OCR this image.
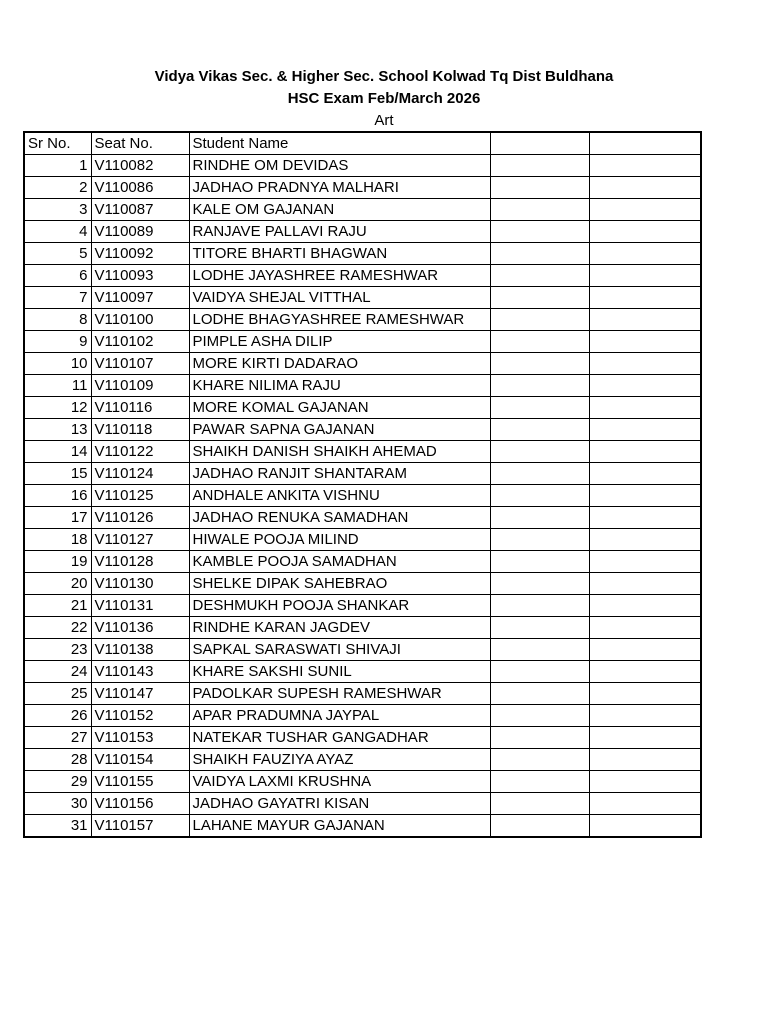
Vidya Vikas Sec. & Higher Sec. School Kolwad Tq Dist Buldhana
HSC Exam Feb/March 2026
Art
Sr No.	Seat No.	Student Name		
1	V110082	RINDHE OM DEVIDAS		
2	V110086	JADHAO PRADNYA MALHARI		
3	V110087	KALE OM GAJANAN		
4	V110089	RANJAVE PALLAVI RAJU		
5	V110092	TITORE BHARTI BHAGWAN		
6	V110093	LODHE JAYASHREE RAMESHWAR		
7	V110097	VAIDYA SHEJAL VITTHAL		
8	V110100	LODHE BHAGYASHREE RAMESHWAR		
9	V110102	PIMPLE ASHA DILIP		
10	V110107	MORE KIRTI DADARAO		
11	V110109	KHARE NILIMA RAJU		
12	V110116	MORE KOMAL GAJANAN		
13	V110118	PAWAR SAPNA GAJANAN		
14	V110122	SHAIKH DANISH SHAIKH AHEMAD		
15	V110124	JADHAO RANJIT SHANTARAM		
16	V110125	ANDHALE ANKITA VISHNU		
17	V110126	JADHAO RENUKA SAMADHAN		
18	V110127	HIWALE POOJA MILIND		
19	V110128	KAMBLE POOJA SAMADHAN		
20	V110130	SHELKE DIPAK SAHEBRAO		
21	V110131	DESHMUKH POOJA SHANKAR		
22	V110136	RINDHE KARAN JAGDEV		
23	V110138	SAPKAL SARASWATI SHIVAJI		
24	V110143	KHARE SAKSHI SUNIL		
25	V110147	PADOLKAR SUPESH RAMESHWAR		
26	V110152	APAR PRADUMNA JAYPAL		
27	V110153	NATEKAR TUSHAR GANGADHAR		
28	V110154	SHAIKH FAUZIYA AYAZ		
29	V110155	VAIDYA LAXMI KRUSHNA		
30	V110156	JADHAO GAYATRI KISAN		
31	V110157	LAHANE MAYUR GAJANAN		
